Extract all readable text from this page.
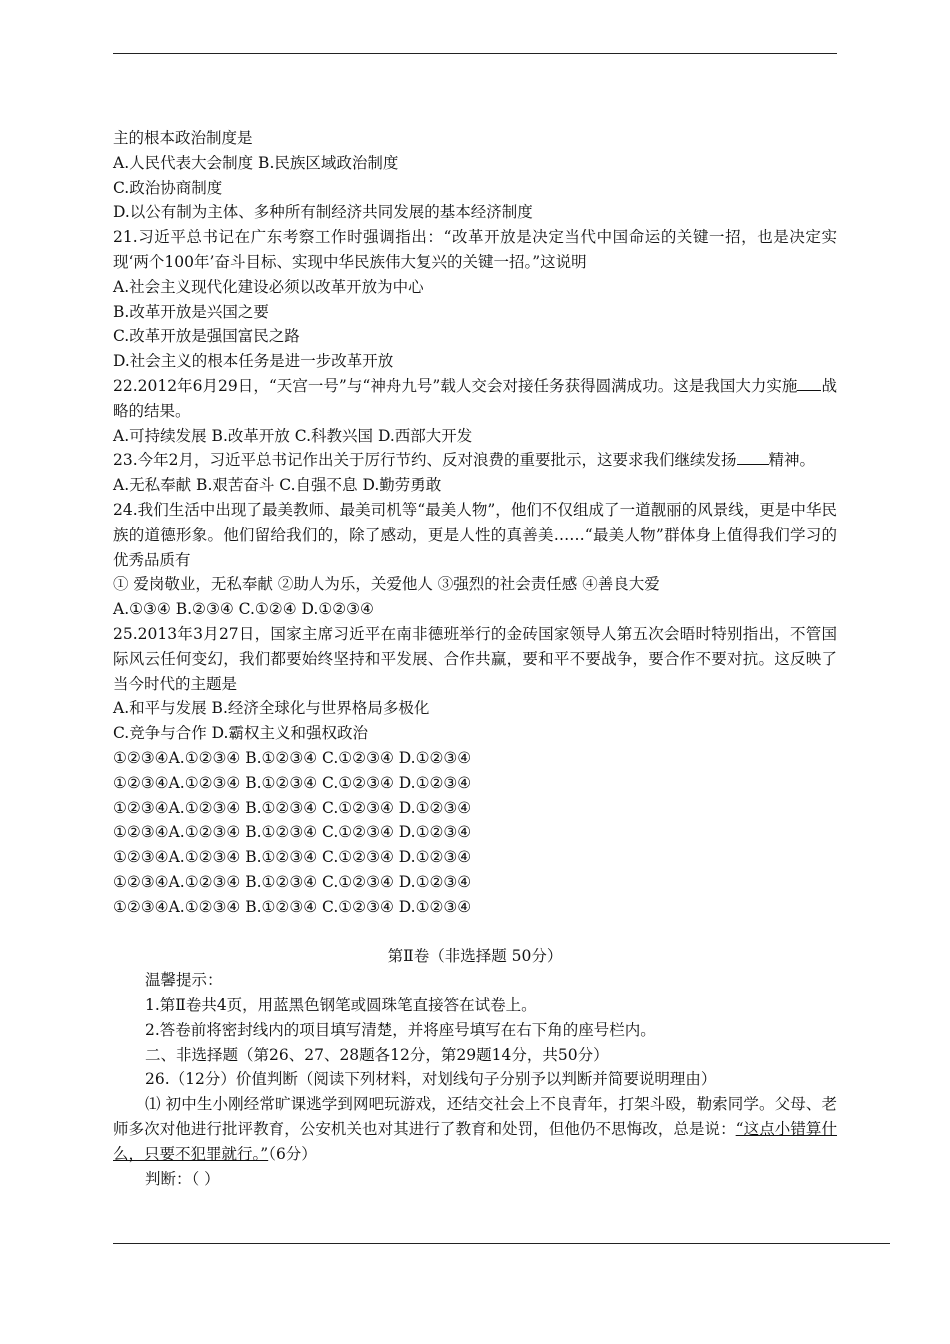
主的根本政治制度是
A.人民代表大会制度 B.民族区域政治制度
C.政治协商制度
D.以公有制为主体、多种所有制经济共同发展的基本经济制度
21.习近平总书记在广东考察工作时强调指出：“改革开放是决定当代中国命运的关键一招，也是决定实现‘两个100年’奋斗目标、实现中华民族伟大复兴的关键一招。”这说明
A.社会主义现代化建设必须以改革开放为中心
B.改革开放是兴国之要
C.改革开放是强国富民之路
D.社会主义的根本任务是进一步改革开放
22.2012年6月29日，“天宫一号”与“神舟九号”载人交会对接任务获得圆满成功。这是我国大力实施 战略的结果。
A.可持续发展 B.改革开放 C.科教兴国 D.西部大开发
23.今年2月，习近平总书记作出关于厉行节约、反对浪费的重要批示，这要求我们继续发扬 精神。
A.无私奉献 B.艰苦奋斗 C.自强不息 D.勤劳勇敢
24.我们生活中出现了最美教师、最美司机等“最美人物”，他们不仅组成了一道靓丽的风景线，更是中华民族的道德形象。他们留给我们的，除了感动，更是人性的真善美……“最美人物”群体身上值得我们学习的优秀品质有
① 爱岗敬业，无私奉献 ②助人为乐，关爱他人 ③强烈的社会责任感 ④善良大爱
A.①③④ B.②③④ C.①②④ D.①②③④
25.2013年3月27日，国家主席习近平在南非德班举行的金砖国家领导人第五次会晤时特别指出，不管国际风云任何变幻，我们都要始终坚持和平发展、合作共赢，要和平不要战争，要合作不要对抗。这反映了当今时代的主题是
A.和平与发展 B.经济全球化与世界格局多极化
C.竞争与合作 D.霸权主义和强权政治
①②③④A.①②③④ B.①②③④ C.①②③④ D.①②③④
①②③④A.①②③④ B.①②③④ C.①②③④ D.①②③④
①②③④A.①②③④ B.①②③④ C.①②③④ D.①②③④
①②③④A.①②③④ B.①②③④ C.①②③④ D.①②③④
①②③④A.①②③④ B.①②③④ C.①②③④ D.①②③④
①②③④A.①②③④ B.①②③④ C.①②③④ D.①②③④
①②③④A.①②③④ B.①②③④ C.①②③④ D.①②③④
第Ⅱ卷（非选择题 50分）
温馨提示：
1.第Ⅱ卷共4页，用蓝黑色钢笔或圆珠笔直接答在试卷上。
2.答卷前将密封线内的项目填写清楚，并将座号填写在右下角的座号栏内。
二、非选择题（第26、27、28题各12分，第29题14分，共50分）
26.（12分）价值判断（阅读下列材料，对划线句子分别予以判断并简要说明理由）
⑴ 初中生小刚经常旷课逃学到网吧玩游戏，还结交社会上不良青年，打架斗殴，勒索同学。父母、老师多次对他进行批评教育，公安机关也对其进行了教育和处罚，但他仍不思悔改，总是说：“这点小错算什么，只要不犯罪就行。”（6分）
判断：（ ）
